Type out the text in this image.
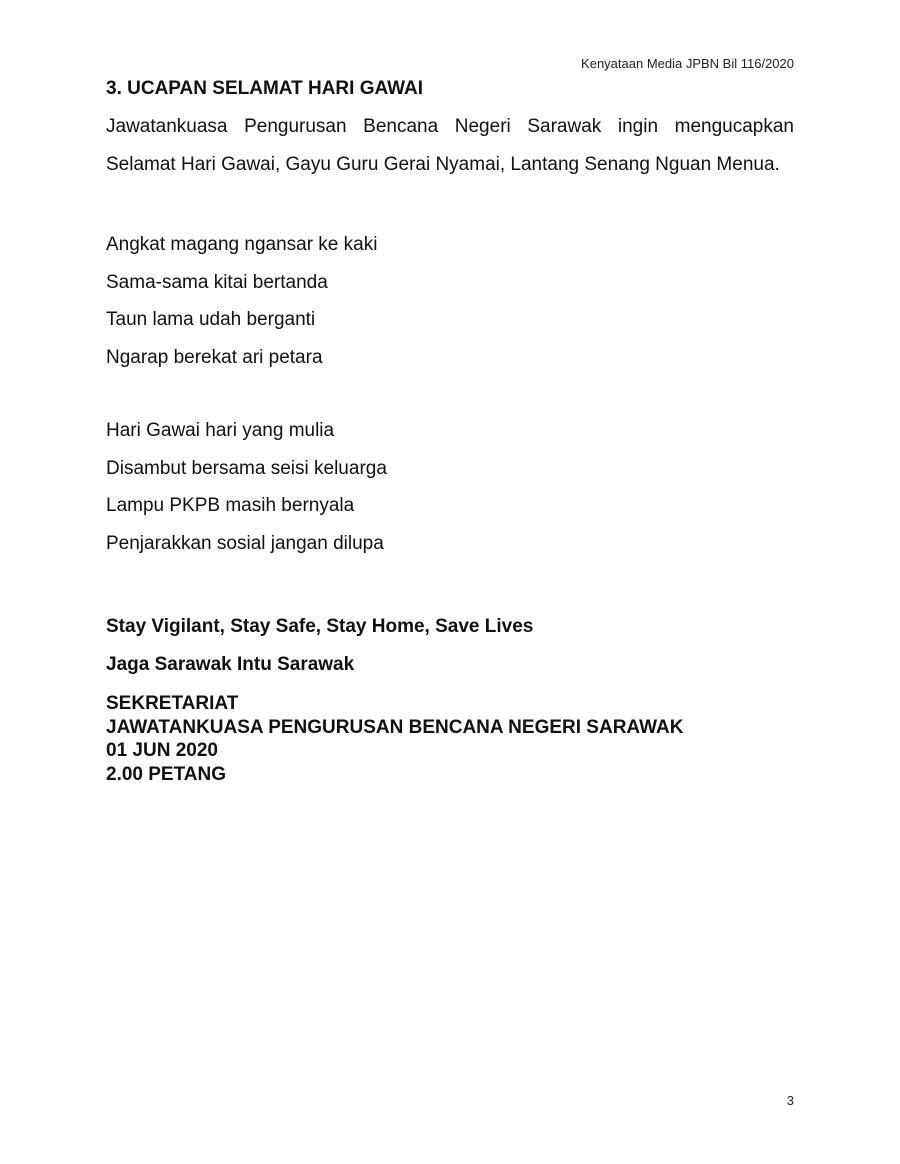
Kenyataan Media JPBN Bil 116/2020
3. UCAPAN SELAMAT HARI GAWAI

Jawatankuasa Pengurusan Bencana Negeri Sarawak ingin mengucapkan Selamat Hari Gawai, Gayu Guru Gerai Nyamai, Lantang Senang Nguan Menua.

Angkat magang ngansar ke kaki
Sama-sama kitai bertanda
Taun lama udah berganti
Ngarap berekat ari petara
Hari Gawai hari yang mulia
Disambut bersama seisi keluarga
Lampu PKPB masih bernyala
Penjarakkan sosial jangan dilupa
Stay Vigilant, Stay Safe, Stay Home, Save Lives
Jaga Sarawak Intu Sarawak
SEKRETARIAT
JAWATANKUASA PENGURUSAN BENCANA NEGERI SARAWAK
01 JUN 2020
2.00 PETANG
3
